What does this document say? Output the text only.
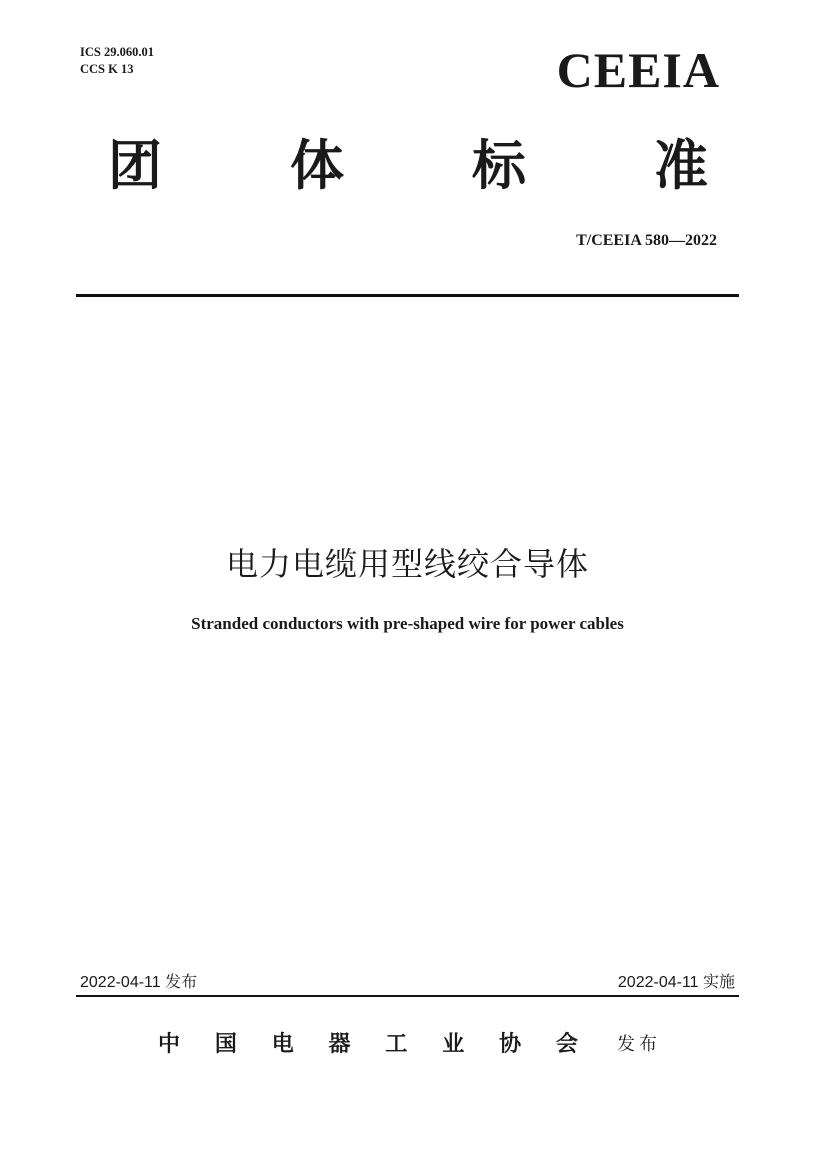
ICS 29.060.01
CCS K 13	CEEIA
团 体 标 准
T/CEEIA 580—2022
电力电缆用型线绞合导体
Stranded conductors with pre-shaped wire for power cables
2022-04-11 发布	2022-04-11 实施
中 国 电 器 工 业 协 会 发布
